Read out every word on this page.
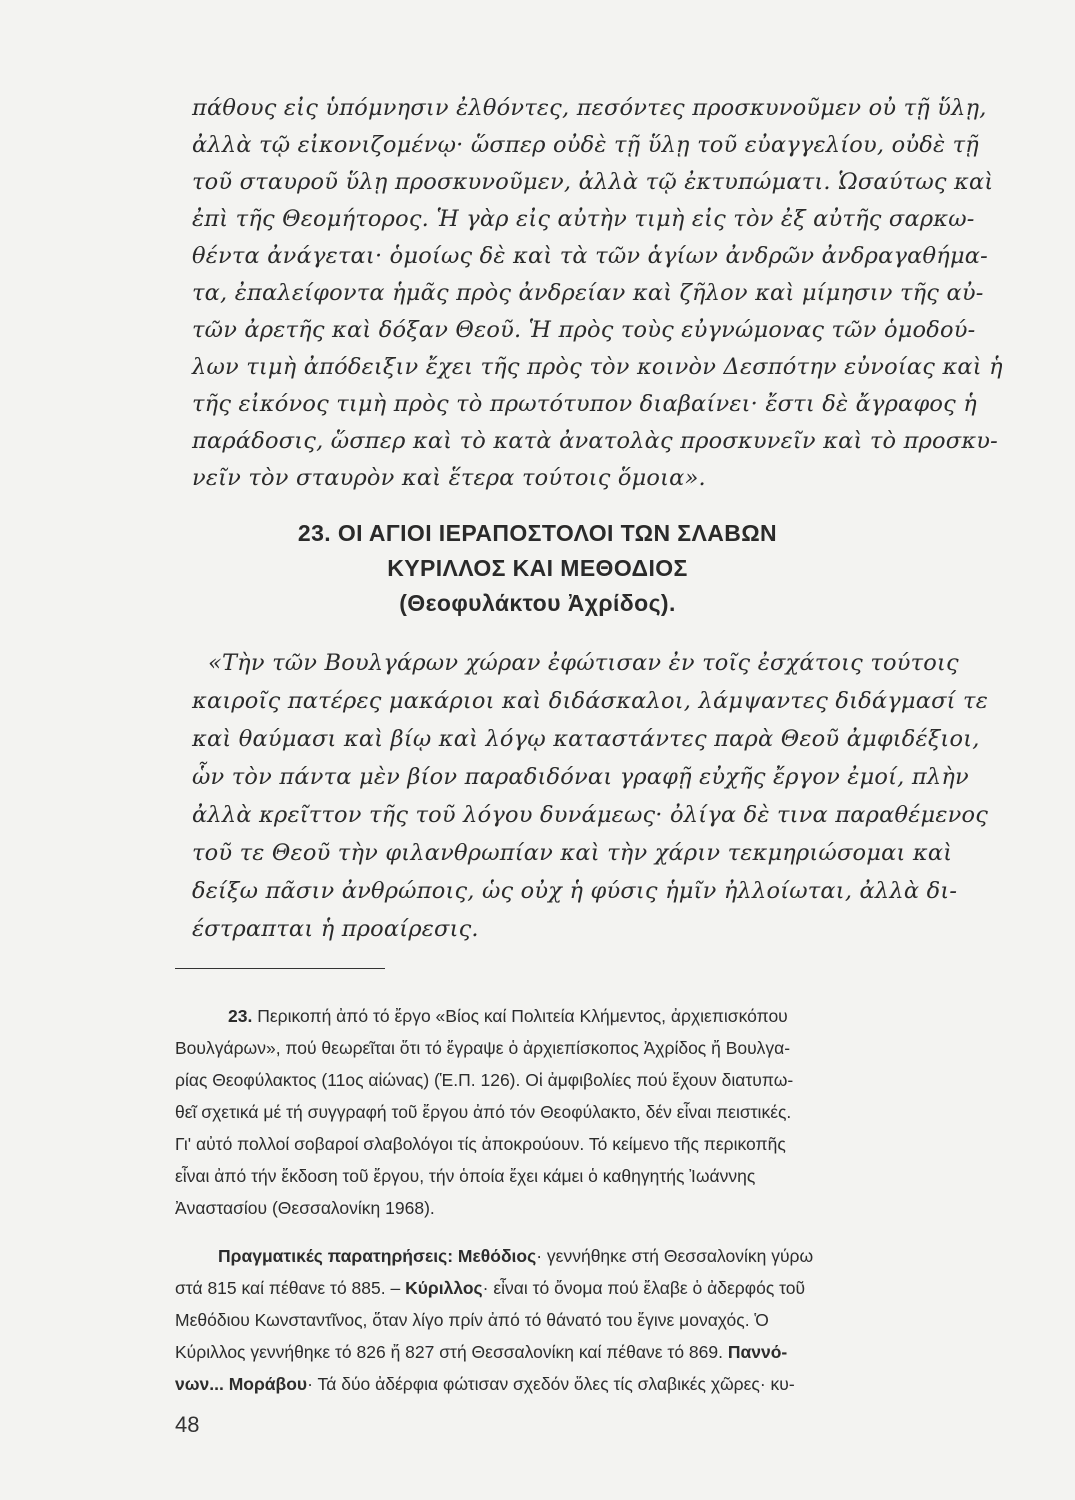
πάθους εἰς ὑπόμνησιν ἐλθόντες, πεσόντες προσκυνοῦμεν οὐ τῇ ὕλῃ,

ἀλλὰ τῷ εἰκονιζομένῳ· ὥσπερ οὐδὲ τῇ ὕλῃ τοῦ εὐαγγελίου, οὐδὲ τῇ

τοῦ σταυροῦ ὕλῃ προσκυνοῦμεν, ἀλλὰ τῷ ἐκτυπώματι. Ὡσαύτως καὶ

ἐπὶ τῆς Θεομήτορος. Ἡ γὰρ εἰς αὐτὴν τιμὴ εἰς τὸν ἐξ αὐτῆς σαρκω-

θέντα ἀνάγεται· ὁμοίως δὲ καὶ τὰ τῶν ἁγίων ἀνδρῶν ἀνδραγαθήμα-

τα, ἐπαλείφοντα ἡμᾶς πρὸς ἀνδρείαν καὶ ζῆλον καὶ μίμησιν τῆς αὐ-

τῶν ἀρετῆς καὶ δόξαν Θεοῦ. Ἡ πρὸς τοὺς εὐγνώμονας τῶν ὁμοδού-

λων τιμὴ ἀπόδειξιν ἔχει τῆς πρὸς τὸν κοινὸν Δεσπότην εὐνοίας καὶ ἡ

τῆς εἰκόνος τιμὴ πρὸς τὸ πρωτότυπον διαβαίνει· ἔστι δὲ ἄγραφος ἡ

παράδοσις, ὥσπερ καὶ τὸ κατὰ ἀνατολὰς προσκυνεῖν καὶ τὸ προσκυ-

νεῖν τὸν σταυρὸν καὶ ἕτερα τούτοις ὅμοια».

23. ΟΙ ΑΓΙΟΙ ΙΕΡΑΠΟΣΤΟΛΟΙ ΤΩΝ ΣΛΑΒΩΝ
ΚΥΡΙΛΛΟΣ ΚΑΙ ΜΕΘΟΔΙΟΣ
(Θεοφυλάκτου Ἀχρίδος).

«Τὴν τῶν Βουλγάρων χώραν ἐφώτισαν ἐν τοῖς ἐσχάτοις τούτοις

καιροῖς πατέρες μακάριοι καὶ διδάσκαλοι, λάμψαντες διδάγμασί τε

καὶ θαύμασι καὶ βίῳ καὶ λόγῳ καταστάντες παρὰ Θεοῦ ἀμφιδέξιοι,

ὧν τὸν πάντα μὲν βίον παραδιδόναι γραφῇ εὐχῆς ἔργον ἐμοί, πλὴν

ἀλλὰ κρεῖττον τῆς τοῦ λόγου δυνάμεως· ὀλίγα δὲ τινα παραθέμενος

τοῦ τε Θεοῦ τὴν φιλανθρωπίαν καὶ τὴν χάριν τεκμηριώσομαι καὶ

δείξω πᾶσιν ἀνθρώποις, ὡς οὐχ ἡ φύσις ἡμῖν ἠλλοίωται, ἀλλὰ δι-

έστραπται ἡ προαίρεσις.

23. Περικοπή ἀπό τό ἔργο «Βίος καί Πολιτεία Κλήμεντος, ἀρχιεπισκόπου
Βουλγάρων», πού θεωρεῖται ὅτι τό ἔγραψε ὁ ἀρχιεπίσκοπος Ἀχρίδος ἤ Βουλγα-
ρίας Θεοφύλακτος (11ος αἰώνας) (Ἑ.Π. 126). Οἱ ἀμφιβολίες πού ἔχουν διατυπω-
θεῖ σχετικά μέ τή συγγραφή τοῦ ἔργου ἀπό τόν Θεοφύλακτο, δέν εἶναι πειστικές.
Γι' αὐτό πολλοί σοβαροί σλαβολόγοι τίς ἀποκρούουν. Τό κείμενο τῆς περικοπῆς
εἶναι ἀπό τήν ἔκδοση τοῦ ἔργου, τήν ὁποία ἔχει κάμει ὁ καθηγητής Ἰωάννης
Ἀναστασίου (Θεσσαλονίκη 1968).
Πραγματικές παρατηρήσεις: Μεθόδιος· γεννήθηκε στή Θεσσαλονίκη γύρω
στά 815 καί πέθανε τό 885. – Κύριλλος· εἶναι τό ὄνομα πού ἔλαβε ὁ ἀδερφός τοῦ
Μεθόδιου Κωνσταντῖνος, ὅταν λίγο πρίν ἀπό τό θάνατό του ἔγινε μοναχός. Ὁ
Κύριλλος γεννήθηκε τό 826 ἤ 827 στή Θεσσαλονίκη καί πέθανε τό 869. Παννό-
νων... Μοράβου· Τά δύο ἀδέρφια φώτισαν σχεδόν ὅλες τίς σλαβικές χῶρες· κυ-
48
